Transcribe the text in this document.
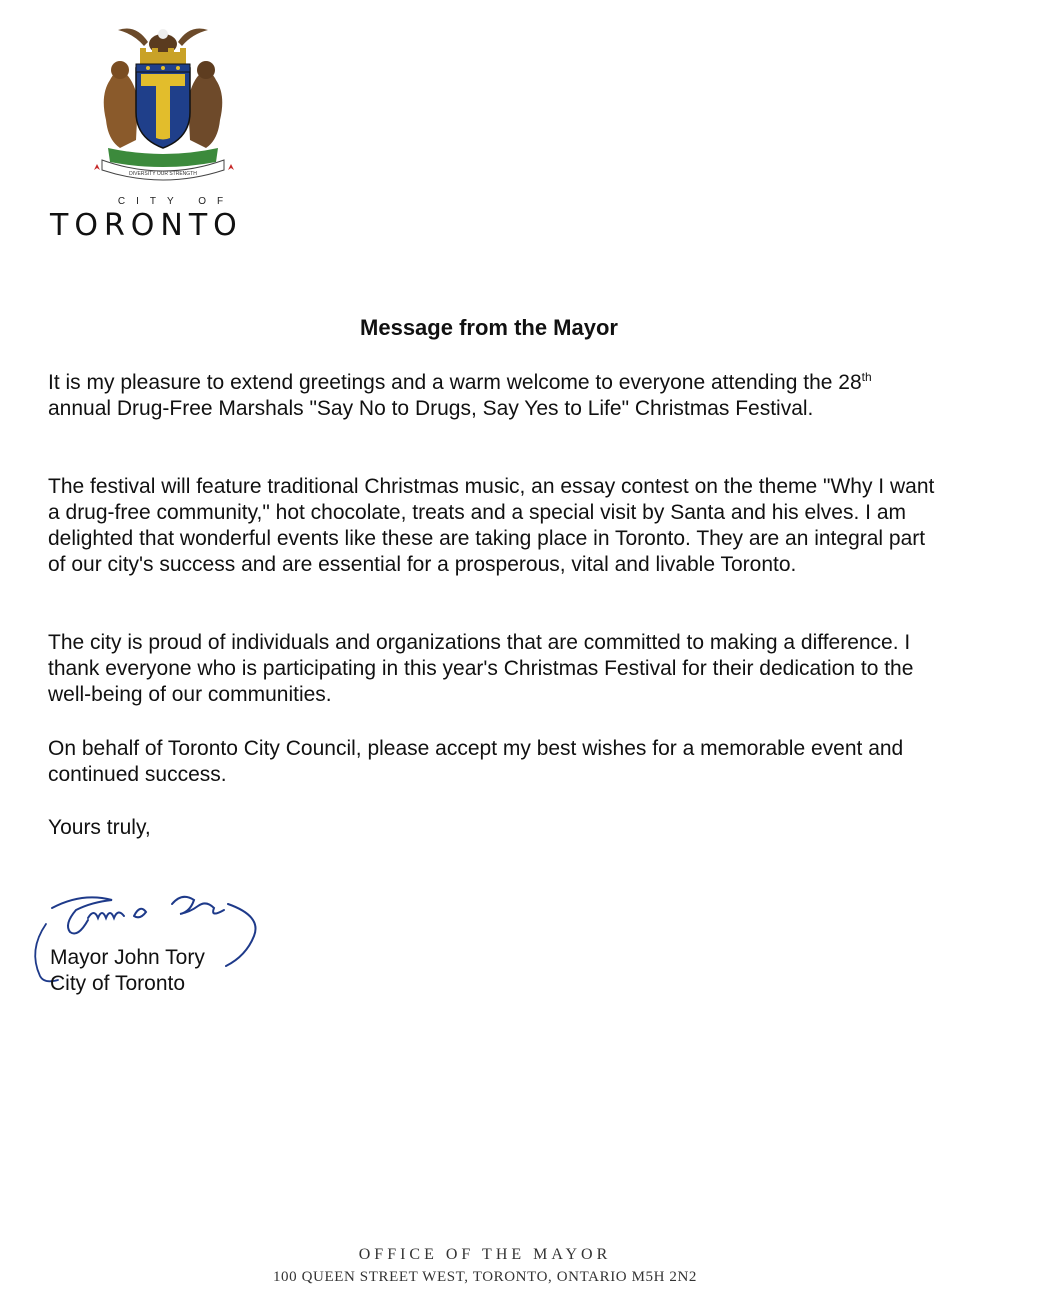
DIVERSITY OUR STRENGTH
CITY OF
TORONTO
Message from the Mayor
It is my pleasure to extend greetings and a warm welcome to everyone attending the 28th annual Drug-Free Marshals "Say No to Drugs, Say Yes to Life" Christmas Festival.
The festival will feature traditional Christmas music, an essay contest on the theme "Why I want a drug-free community," hot chocolate, treats and a special visit by Santa and his elves. I am delighted that wonderful events like these are taking place in Toronto. They are an integral part of our city's success and are essential for a prosperous, vital and livable Toronto.
The city is proud of individuals and organizations that are committed to making a difference. I thank everyone who is participating in this year's Christmas Festival for their dedication to the well-being of our communities.
On behalf of Toronto City Council, please accept my best wishes for a memorable event and continued success.
Yours truly,
Mayor John Tory
City of Toronto
OFFICE OF THE MAYOR
100 QUEEN STREET WEST, TORONTO, ONTARIO M5H 2N2
